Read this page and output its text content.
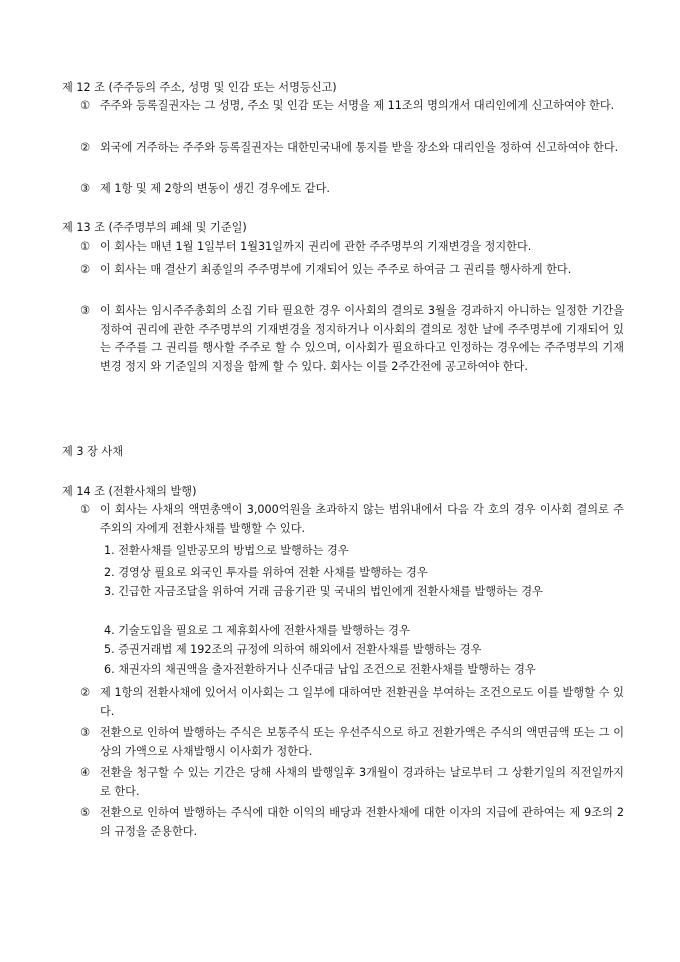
제 12 조 (주주등의 주소, 성명 및 인감 또는 서명등신고)
① 주주와 등록질권자는 그 성명, 주소 및 인감 또는 서명을 제 11조의 명의개서 대리인에게 신고하여야 한다.
② 외국에 거주하는 주주와 등록질권자는 대한민국내에 통지를 받을 장소와 대리인을 정하여 신고하여야 한다.
③ 제 1항 및 제 2항의 변동이 생긴 경우에도 같다.
제 13 조 (주주명부의 폐쇄 및 기준일)
① 이 회사는 매년 1월 1일부터 1월31일까지 권리에 관한 주주명부의 기재변경을 정지한다.
② 이 회사는 매 결산기 최종일의 주주명부에 기재되어 있는 주주로 하여금 그 권리를 행사하게 한다.
③ 이 회사는 임시주주총회의 소집 기타 필요한 경우 이사회의 결의로 3월을 경과하지 아니하는 일정한 기간을 정하여 권리에 관한 주주명부의 기재변경을 정지하거나 이사회의 결의로 정한 날에 주주명부에 기재되어 있는 주주를 그 권리를 행사할 주주로 할 수 있으며, 이사회가 필요하다고 인정하는 경우에는 주주명부의 기재변경 정지 와 기준일의 지정을 함께 할 수 있다. 회사는 이를 2주간전에 공고하여야 한다.
제 3 장 사채
제 14 조 (전환사채의 발행)
① 이 회사는 사채의 액면총액이 3,000억원을 초과하지 않는 범위내에서 다음 각 호의 경우 이사회 결의로 주주외의 자에게 전환사채를 발행할 수 있다.
1. 전환사채를 일반공모의 방법으로 발행하는 경우
2. 경영상 필요로 외국인 투자를 위하여 전환 사채를 발행하는 경우
3. 긴급한 자금조달을 위하여 거래 금융기관 및 국내의 법인에게 전환사채를 발행하는 경우
4. 기술도입을 필요로 그 제휴회사에 전환사채를 발행하는 경우
5. 증권거래법 제 192조의 규정에 의하여 해외에서 전환사채를 발행하는 경우
6. 채권자의 채권액을 출자전환하거나 신주대금 납입 조건으로 전환사채를 발행하는 경우
② 제 1항의 전환사채에 있어서 이사회는 그 일부에 대하여만 전환권을 부여하는 조건으로도 이를 발행할 수 있다.
③ 전환으로 인하여 발행하는 주식은 보통주식 또는 우선주식으로 하고 전환가액은 주식의 액면금액 또는 그 이상의 가액으로 사채발행시 이사회가 정한다.
④ 전환을 청구할 수 있는 기간은 당해 사채의 발행일후 3개월이 경과하는 날로부터 그 상환기일의 직전일까지로 한다.
⑤ 전환으로 인하여 발행하는 주식에 대한 이익의 배당과 전환사채에 대한 이자의 지급에 관하여는 제 9조의 2의 규정을 준용한다.
